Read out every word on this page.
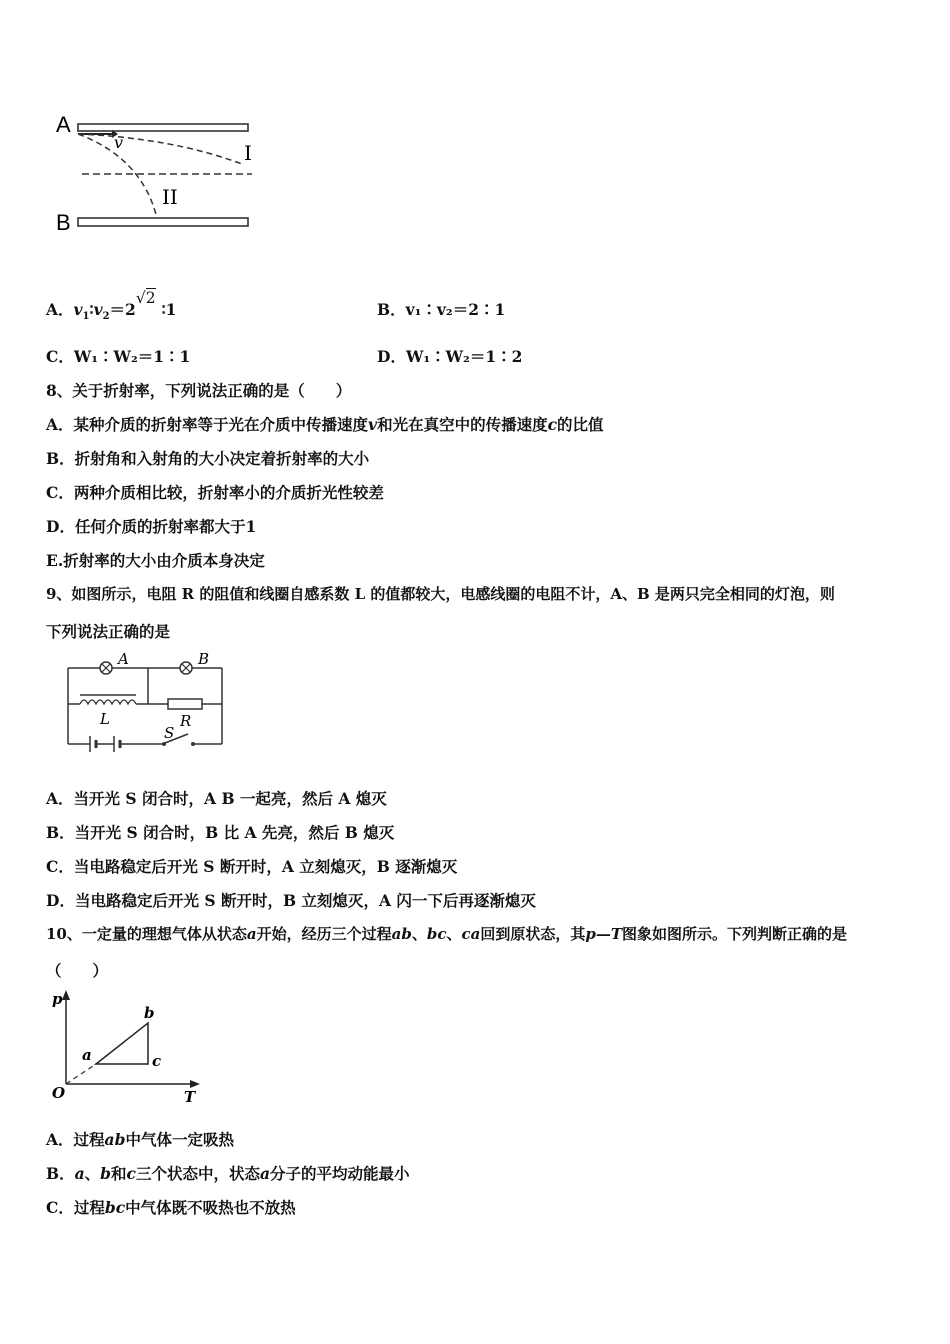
A
v	I
II
B
A．$v_1∶v_2=2√2∶1$	B．v₁∶v₂＝2∶1
C．W₁∶W₂＝1∶1	D．W₁∶W₂＝1∶2
8、关于折射率，下列说法正确的是（　　）
A．某种介质的折射率等于光在介质中传播速度v和光在真空中的传播速度c的比值
B．折射角和入射角的大小决定着折射率的大小
C．两种介质相比较，折射率小的介质折光性较差
D．任何介质的折射率都大于1
E.折射率的大小由介质本身决定
9、如图所示，电阻 R 的阻值和线圈自感系数 L 的值都较大，电感线圈的电阻不计，A、B 是两只完全相同的灯泡，则
下列说法正确的是
A	B
L	R
S
A．当开光 S 闭合时，A B 一起亮，然后 A 熄灭
B．当开光 S 闭合时，B 比 A 先亮，然后 B 熄灭
C．当电路稳定后开光 S 断开时，A 立刻熄灭，B 逐渐熄灭
D．当电路稳定后开光 S 断开时，B 立刻熄灭，A 闪一下后再逐渐熄灭
10、一定量的理想气体从状态a开始，经历三个过程ab、bc、ca回到原状态，其p—T图象如图所示。下列判断正确的是
（　　）
p
T
O
a
b
c
A．过程ab中气体一定吸热
B．a、b和c三个状态中，状态a分子的平均动能最小
C．过程bc中气体既不吸热也不放热
